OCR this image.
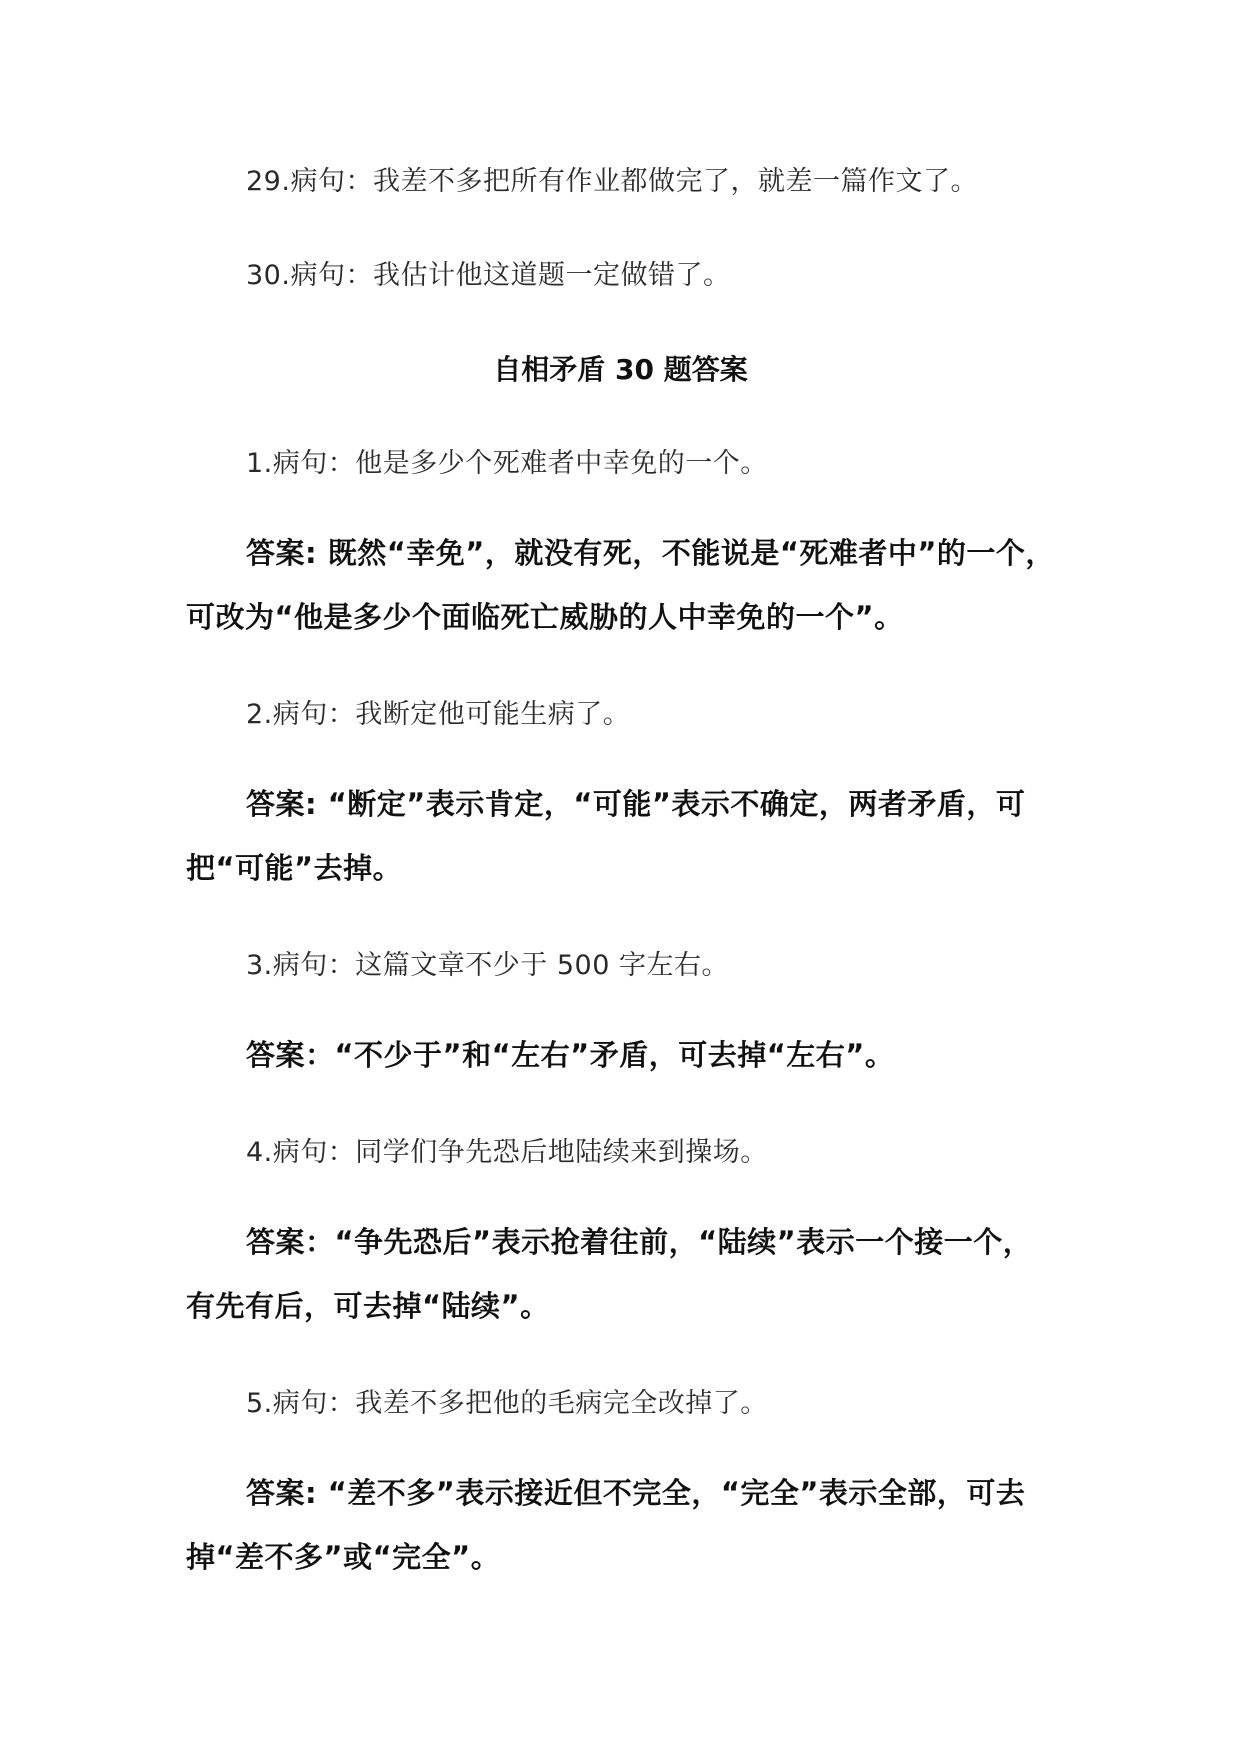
29.病句：我差不多把所有作业都做完了，就差一篇作文了。
30.病句：我估计他这道题一定做错了。
自相矛盾 30 题答案
1.病句：他是多少个死难者中幸免的一个。
答案: 既然“幸免”，就没有死，不能说是“死难者中”的一个，可改为“他是多少个面临死亡威胁的人中幸免的一个”。
2.病句：我断定他可能生病了。
答案: “断定”表示肯定，“可能”表示不确定，两者矛盾，可把“可能”去掉。
3.病句：这篇文章不少于 500 字左右。
答案：“不少于”和“左右”矛盾，可去掉“左右”。
4.病句：同学们争先恐后地陆续来到操场。
答案：“争先恐后”表示抢着往前，“陆续”表示一个接一个，有先有后，可去掉“陆续”。
5.病句：我差不多把他的毛病完全改掉了。
答案: “差不多”表示接近但不完全，“完全”表示全部，可去掉“差不多”或“完全”。
